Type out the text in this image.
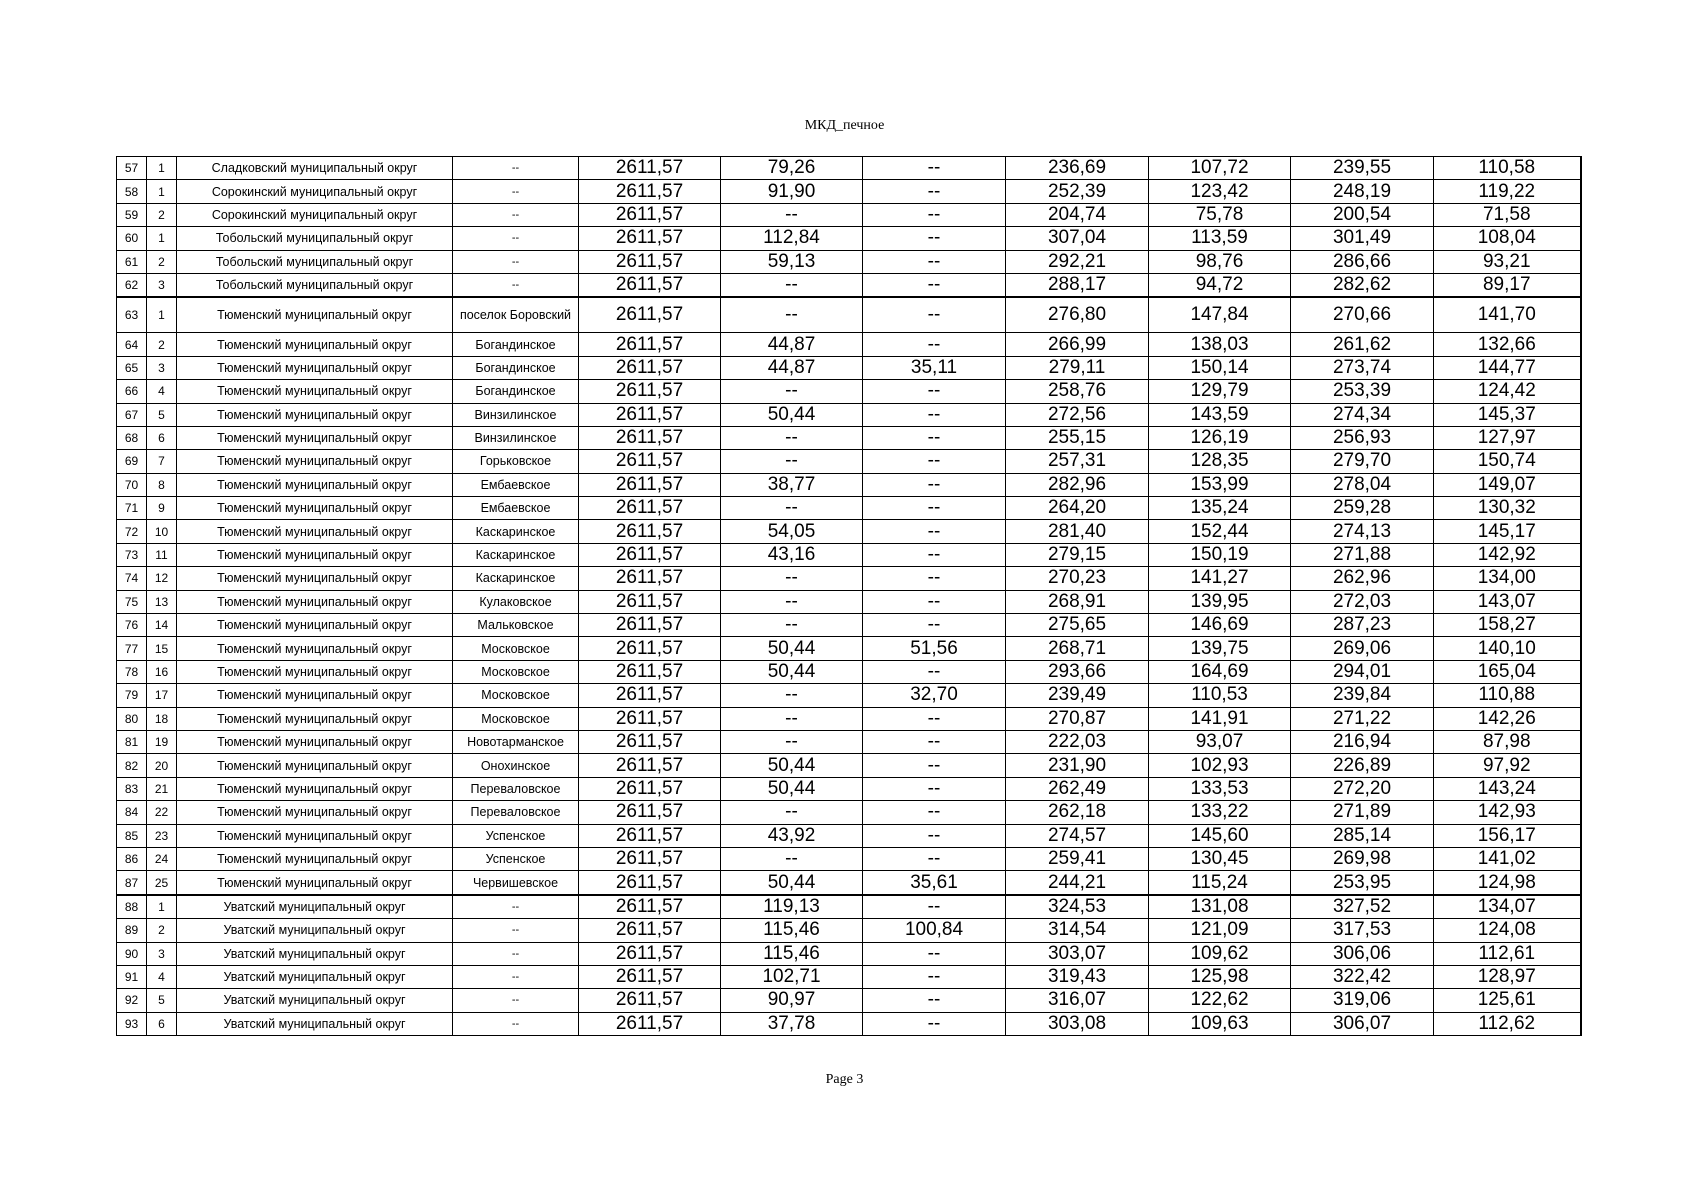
МКД_печное
57	1	Сладковский муниципальный округ	--	2611,57	79,26	--	236,69	107,72	239,55	110,58
58	1	Сорокинский муниципальный округ	--	2611,57	91,90	--	252,39	123,42	248,19	119,22
59	2	Сорокинский муниципальный округ	--	2611,57	--	--	204,74	75,78	200,54	71,58
60	1	Тобольский муниципальный округ	--	2611,57	112,84	--	307,04	113,59	301,49	108,04
61	2	Тобольский муниципальный округ	--	2611,57	59,13	--	292,21	98,76	286,66	93,21
62	3	Тобольский муниципальный округ	--	2611,57	--	--	288,17	94,72	282,62	89,17
63	1	Тюменский муниципальный округ	поселок Боровский	2611,57	--	--	276,80	147,84	270,66	141,70
64	2	Тюменский муниципальный округ	Богандинское	2611,57	44,87	--	266,99	138,03	261,62	132,66
65	3	Тюменский муниципальный округ	Богандинское	2611,57	44,87	35,11	279,11	150,14	273,74	144,77
66	4	Тюменский муниципальный округ	Богандинское	2611,57	--	--	258,76	129,79	253,39	124,42
67	5	Тюменский муниципальный округ	Винзилинское	2611,57	50,44	--	272,56	143,59	274,34	145,37
68	6	Тюменский муниципальный округ	Винзилинское	2611,57	--	--	255,15	126,19	256,93	127,97
69	7	Тюменский муниципальный округ	Горьковское	2611,57	--	--	257,31	128,35	279,70	150,74
70	8	Тюменский муниципальный округ	Ембаевское	2611,57	38,77	--	282,96	153,99	278,04	149,07
71	9	Тюменский муниципальный округ	Ембаевское	2611,57	--	--	264,20	135,24	259,28	130,32
72	10	Тюменский муниципальный округ	Каскаринское	2611,57	54,05	--	281,40	152,44	274,13	145,17
73	11	Тюменский муниципальный округ	Каскаринское	2611,57	43,16	--	279,15	150,19	271,88	142,92
74	12	Тюменский муниципальный округ	Каскаринское	2611,57	--	--	270,23	141,27	262,96	134,00
75	13	Тюменский муниципальный округ	Кулаковское	2611,57	--	--	268,91	139,95	272,03	143,07
76	14	Тюменский муниципальный округ	Мальковское	2611,57	--	--	275,65	146,69	287,23	158,27
77	15	Тюменский муниципальный округ	Московское	2611,57	50,44	51,56	268,71	139,75	269,06	140,10
78	16	Тюменский муниципальный округ	Московское	2611,57	50,44	--	293,66	164,69	294,01	165,04
79	17	Тюменский муниципальный округ	Московское	2611,57	--	32,70	239,49	110,53	239,84	110,88
80	18	Тюменский муниципальный округ	Московское	2611,57	--	--	270,87	141,91	271,22	142,26
81	19	Тюменский муниципальный округ	Новотарманское	2611,57	--	--	222,03	93,07	216,94	87,98
82	20	Тюменский муниципальный округ	Онохинское	2611,57	50,44	--	231,90	102,93	226,89	97,92
83	21	Тюменский муниципальный округ	Переваловское	2611,57	50,44	--	262,49	133,53	272,20	143,24
84	22	Тюменский муниципальный округ	Переваловское	2611,57	--	--	262,18	133,22	271,89	142,93
85	23	Тюменский муниципальный округ	Успенское	2611,57	43,92	--	274,57	145,60	285,14	156,17
86	24	Тюменский муниципальный округ	Успенское	2611,57	--	--	259,41	130,45	269,98	141,02
87	25	Тюменский муниципальный округ	Червишевское	2611,57	50,44	35,61	244,21	115,24	253,95	124,98
88	1	Уватский муниципальный округ	--	2611,57	119,13	--	324,53	131,08	327,52	134,07
89	2	Уватский муниципальный округ	--	2611,57	115,46	100,84	314,54	121,09	317,53	124,08
90	3	Уватский муниципальный округ	--	2611,57	115,46	--	303,07	109,62	306,06	112,61
91	4	Уватский муниципальный округ	--	2611,57	102,71	--	319,43	125,98	322,42	128,97
92	5	Уватский муниципальный округ	--	2611,57	90,97	--	316,07	122,62	319,06	125,61
93	6	Уватский муниципальный округ	--	2611,57	37,78	--	303,08	109,63	306,07	112,62
Page 3
